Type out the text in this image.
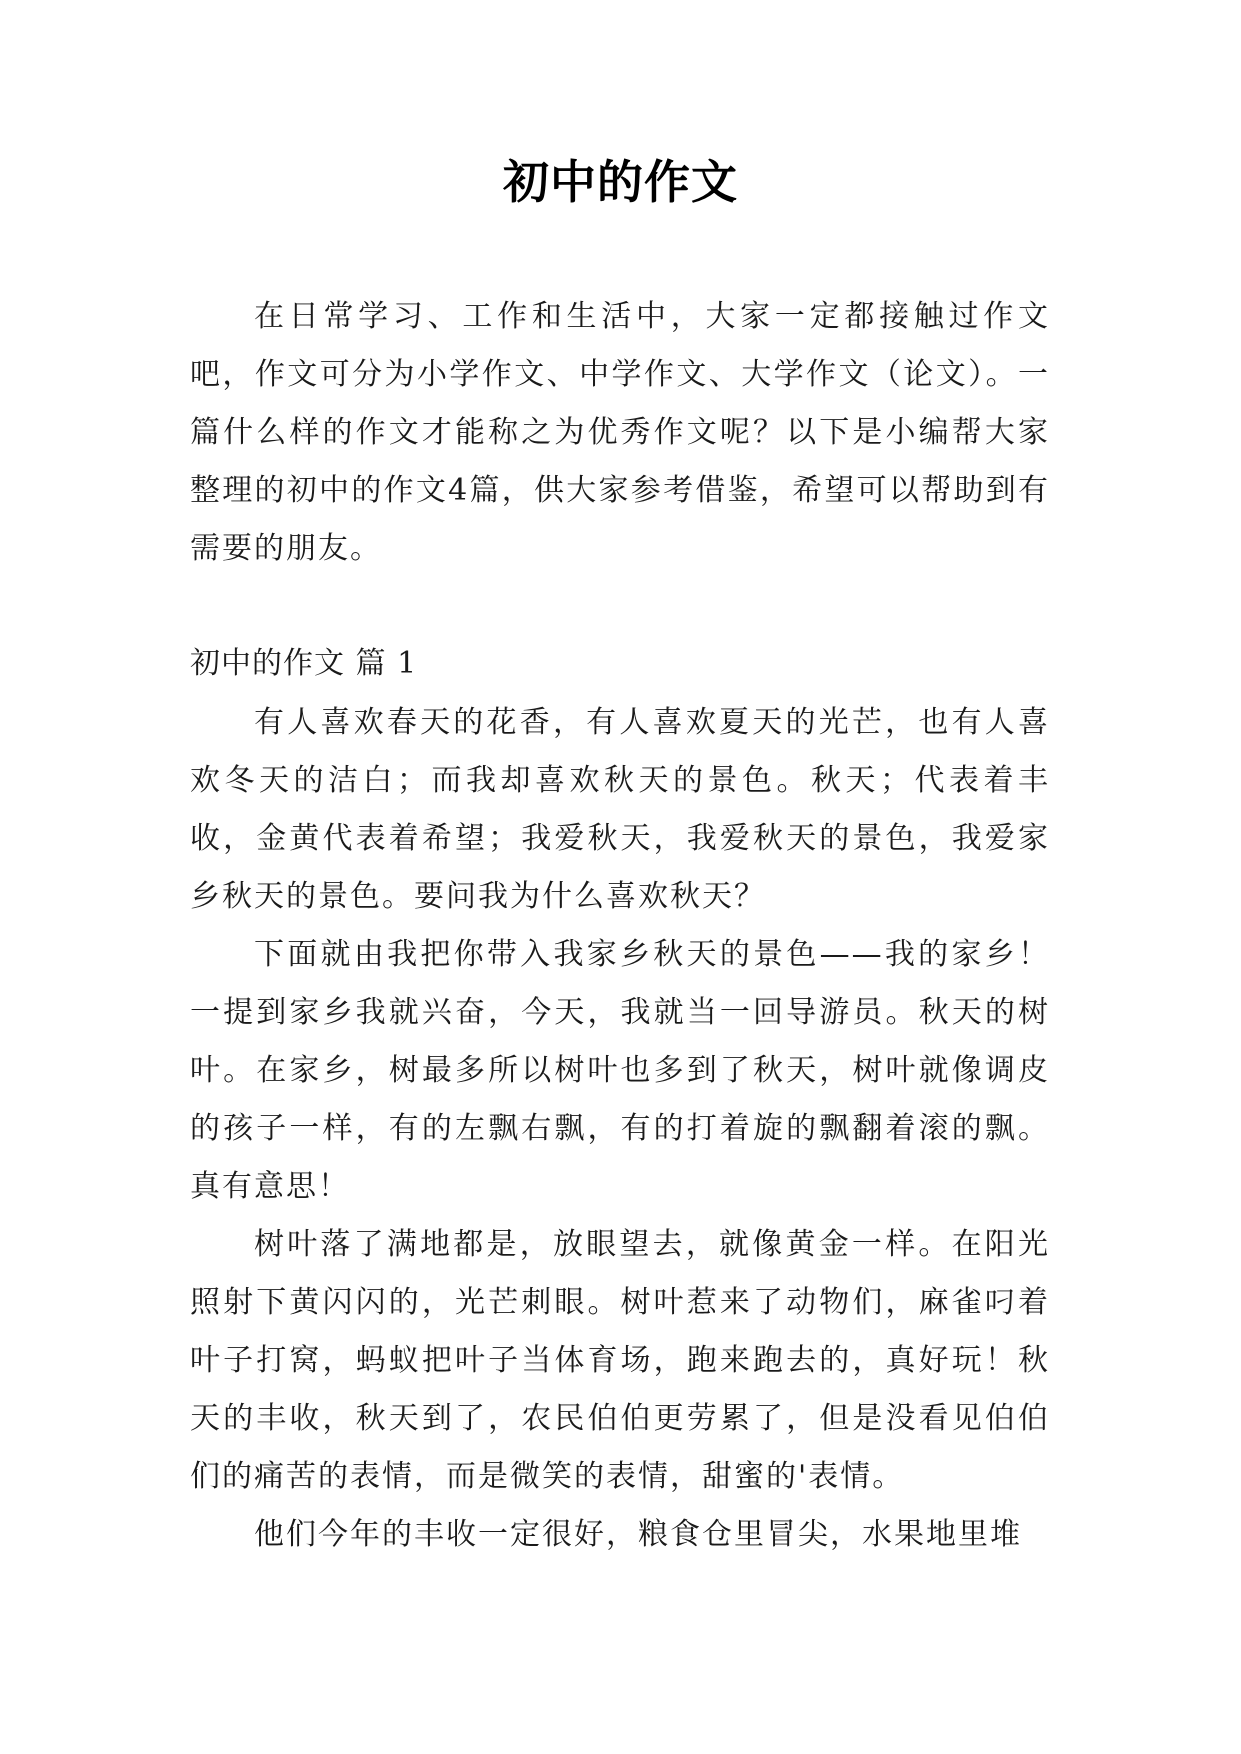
初中的作文

在日常学习、工作和生活中，大家一定都接触过作文吧，作文可分为小学作文、中学作文、大学作文（论文）。一篇什么样的作文才能称之为优秀作文呢？以下是小编帮大家整理的初中的作文4篇，供大家参考借鉴，希望可以帮助到有需要的朋友。

初中的作文 篇 1

有人喜欢春天的花香，有人喜欢夏天的光芒，也有人喜欢冬天的洁白；而我却喜欢秋天的景色。秋天；代表着丰收，金黄代表着希望；我爱秋天，我爱秋天的景色，我爱家乡秋天的景色。要问我为什么喜欢秋天？

下面就由我把你带入我家乡秋天的景色——我的家乡！一提到家乡我就兴奋，今天，我就当一回导游员。秋天的树叶。在家乡，树最多所以树叶也多到了秋天，树叶就像调皮的孩子一样，有的左飘右飘，有的打着旋的飘翻着滚的飘。真有意思！

树叶落了满地都是，放眼望去，就像黄金一样。在阳光照射下黄闪闪的，光芒刺眼。树叶惹来了动物们，麻雀叼着叶子打窝，蚂蚁把叶子当体育场，跑来跑去的，真好玩！秋天的丰收，秋天到了，农民伯伯更劳累了，但是没看见伯伯们的痛苦的表情，而是微笑的表情，甜蜜的'表情。

他们今年的丰收一定很好，粮食仓里冒尖，水果地里堆
